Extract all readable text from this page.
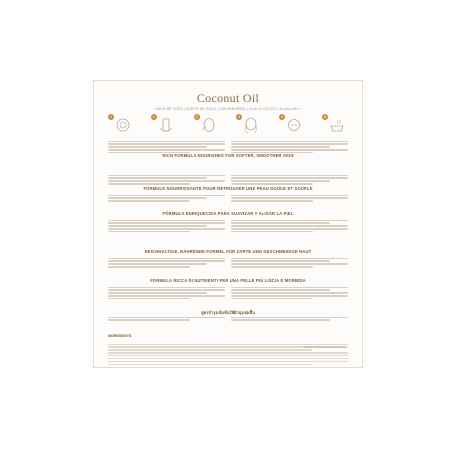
Coconut Oil
HUILE DE COCO | ACEITE DE COCO | KOKOSNUSSÖL | OLIO DI COCCO | น้ำมันมะพร้าว
1	2	3	4	5	6
RICH FORMULA NOURISHES FOR SOFTER, SMOOTHER SKIN
FORMULE NOURRISSANTE POUR RETROUVER UNE PEAU DOUCE ET SOUPLE
FÓRMULA ENRIQUECIDA PARA SUAVIZAR Y ALISAR LA PIEL
REICHHALTIGE, NÄHRENDE FORMEL FÜR ZARTE UND GESCHMEIDIGE HAUT
FORMULA RICCA DI NUTRIENTI PER UNA PELLE PIÙ LISCIA E MORBIDA
สูตรบำรุงเข้มข้นให้ผิวนุ่มชุ่มชื้น
INGREDIENTS:
WWW.TOSOWOONG.COM
